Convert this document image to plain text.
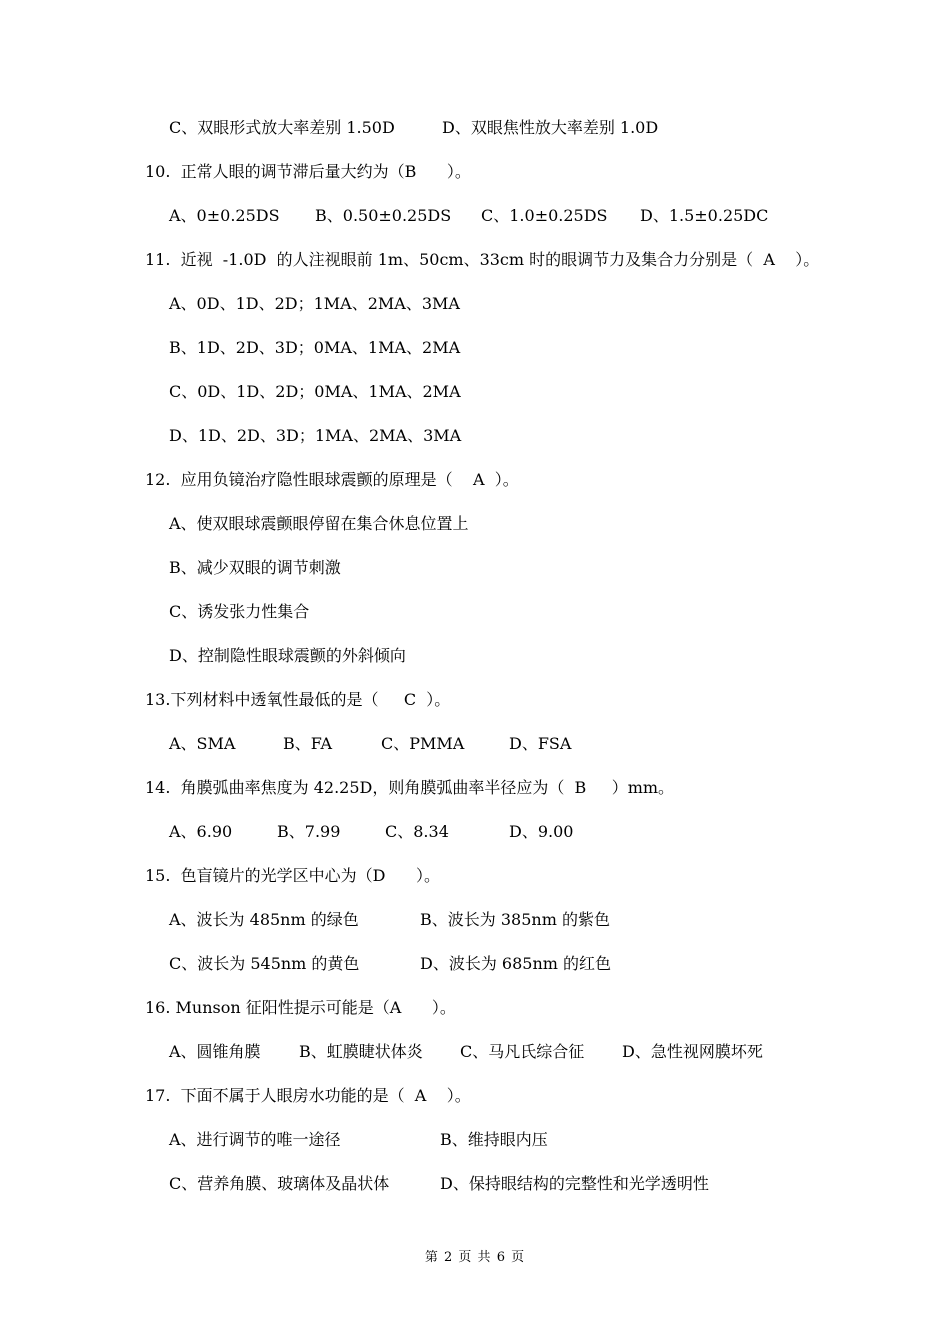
C、双眼形式放大率差别 1.50D	D、双眼焦性放大率差别 1.0D
10.  正常人眼的调节滞后量大约为（B      ）。
A、0±0.25DS B、0.50±0.25DS C、1.0±0.25DS D、1.5±0.25DC
11.  近视  -1.0D  的人注视眼前 1m、50cm、33cm 时的眼调节力及集合力分别是（  A    ）。
A、0D、1D、2D；1MA、2MA、3MA
B、1D、2D、3D；0MA、1MA、2MA
C、0D、1D、2D；0MA、1MA、2MA
D、1D、2D、3D；1MA、2MA、3MA
12.  应用负镜治疗隐性眼球震颤的原理是（    A  ）。
A、使双眼球震颤眼停留在集合休息位置上
B、减少双眼的调节刺激
C、诱发张力性集合
D、控制隐性眼球震颤的外斜倾向
13.下列材料中透氧性最低的是（     C  ）。
A、SMA	B、FA	C、PMMA	D、FSA
14.  角膜弧曲率焦度为 42.25D，则角膜弧曲率半径应为（  B     ）mm。
A、6.90	B、7.99	C、8.34	D、9.00
15.  色盲镜片的光学区中心为（D      ）。
A、波长为 485nm 的绿色	B、波长为 385nm 的紫色
C、波长为 545nm 的黄色	D、波长为 685nm 的红色
16. Munson 征阳性提示可能是（A      ）。
A、圆锥角膜 B、虹膜睫状体炎 C、马凡氏综合征 D、急性视网膜坏死
17.  下面不属于人眼房水功能的是（  A    ）。
A、进行调节的唯一途径	B、维持眼内压
C、营养角膜、玻璃体及晶状体	D、保持眼结构的完整性和光学透明性
第 2 页 共 6 页
